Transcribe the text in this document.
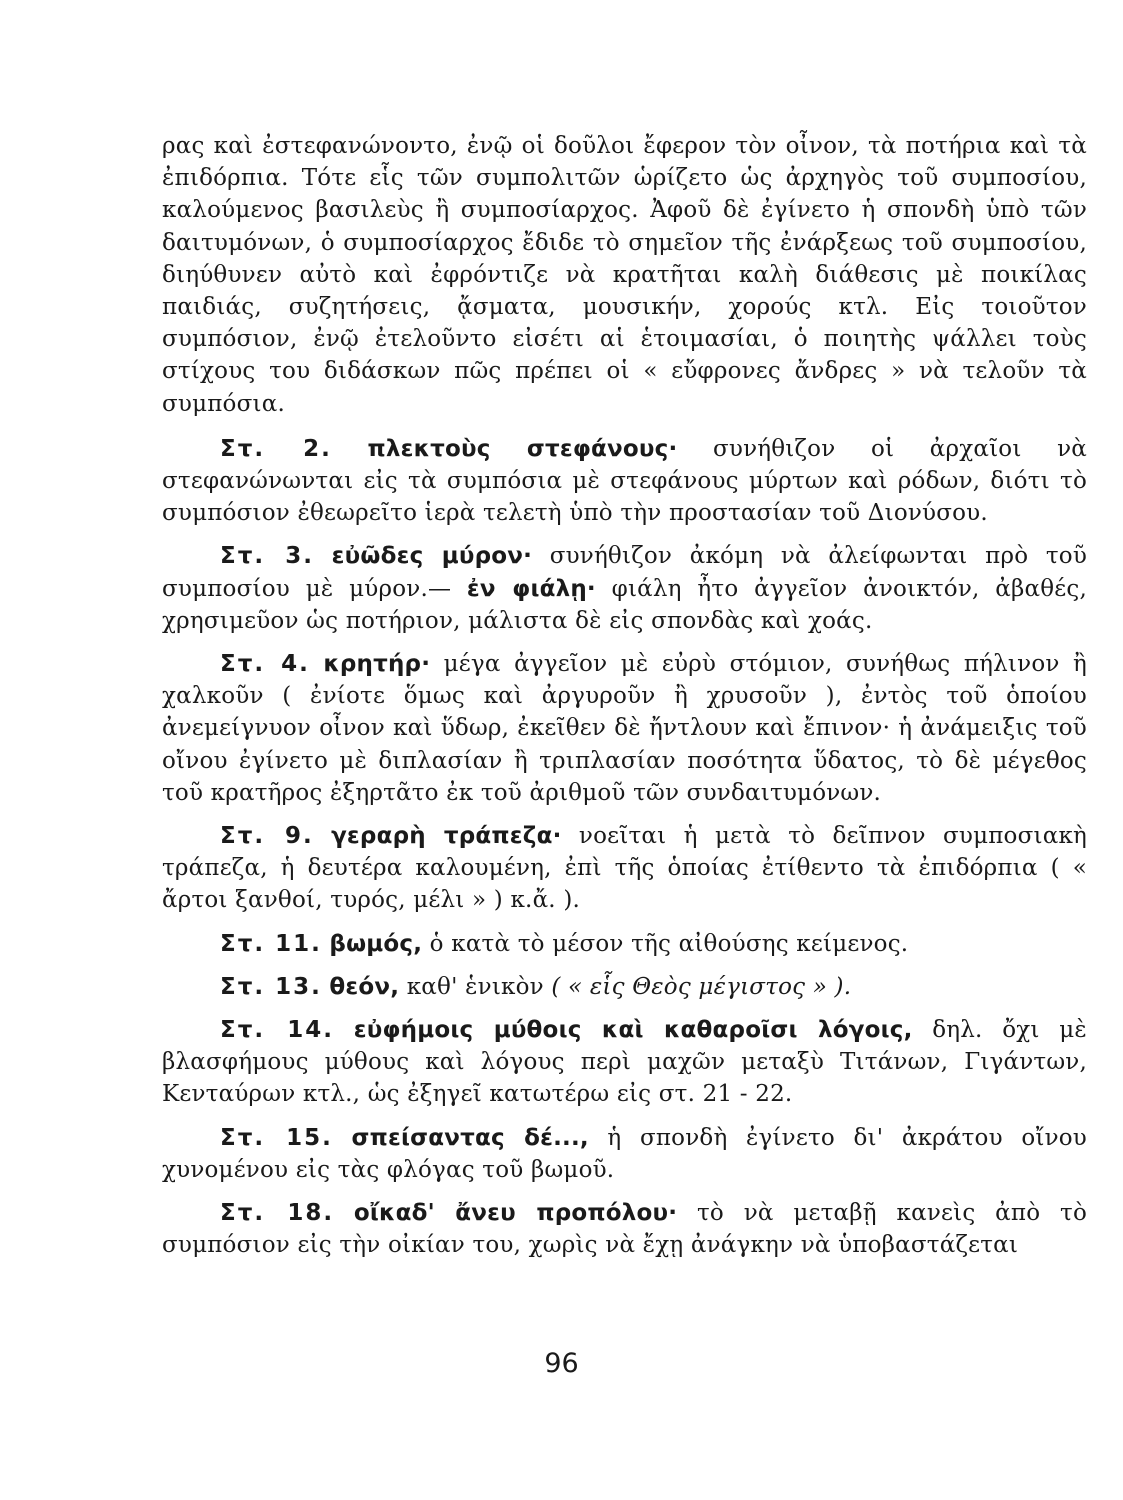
ρας καὶ ἐστεφανώνοντο, ἐνῷ οἱ δοῦλοι ἔφερον τὸν οἶνον, τὰ ποτήρια καὶ τὰ ἐπιδόρπια. Τότε εἷς τῶν συμπολιτῶν ὡρίζετο ὡς ἀρχηγὸς τοῦ συμποσίου, καλούμενος βασιλεὺς ἢ συμποσίαρχος. Ἀφοῦ δὲ ἐγίνετο ἡ σπονδὴ ὑπὸ τῶν δαιτυμόνων, ὁ συμποσίαρχος ἔδιδε τὸ σημεῖον τῆς ἐνάρξεως τοῦ συμποσίου, διηύθυνεν αὐτὸ καὶ ἐφρόντιζε νὰ κρατῆται καλὴ διάθεσις μὲ ποικίλας παιδιάς, συζητήσεις, ᾄσματα, μουσικήν, χορούς κτλ. Εἰς τοιοῦτον συμπόσιον, ἐνῷ ἐτελοῦντο εἰσέτι αἱ ἑτοιμασίαι, ὁ ποιητὴς ψάλλει τοὺς στίχους του διδάσκων πῶς πρέπει οἱ « εὔφρονες ἄνδρες » νὰ τελοῦν τὰ συμπόσια.

Στ. 2. πλεκτοὺς στεφάνους· συνήθιζον οἱ ἀρχαῖοι νὰ στεφανώνωνται εἰς τὰ συμπόσια μὲ στεφάνους μύρτων καὶ ρόδων, διότι τὸ συμπόσιον ἐθεωρεῖτο ἱερὰ τελετὴ ὑπὸ τὴν προστασίαν τοῦ Διονύσου.

Στ. 3. εὐῶδες μύρον· συνήθιζον ἀκόμη νὰ ἀλείφωνται πρὸ τοῦ συμποσίου μὲ μύρον.— ἐν φιάλῃ· φιάλη ἦτο ἀγγεῖον ἀνοικτόν, ἀβαθές, χρησιμεῦον ὡς ποτήριον, μάλιστα δὲ εἰς σπονδὰς καὶ χοάς.

Στ. 4. κρητήρ· μέγα ἀγγεῖον μὲ εὐρὺ στόμιον, συνήθως πήλινον ἢ χαλκοῦν ( ἐνίοτε ὅμως καὶ ἀργυροῦν ἢ χρυσοῦν ), ἐντὸς τοῦ ὁποίου ἀνεμείγνυον οἶνον καὶ ὕδωρ, ἐκεῖθεν δὲ ἤντλουν καὶ ἔπινον· ἡ ἀνάμειξις τοῦ οἴνου ἐγίνετο μὲ διπλασίαν ἢ τριπλασίαν ποσότητα ὕδατος, τὸ δὲ μέγεθος τοῦ κρατῆρος ἐξηρτᾶτο ἐκ τοῦ ἀριθμοῦ τῶν συνδαιτυμόνων.

Στ. 9. γεραρὴ τράπεζα· νοεῖται ἡ μετὰ τὸ δεῖπνον συμποσιακὴ τράπεζα, ἡ δευτέρα καλουμένη, ἐπὶ τῆς ὁποίας ἐτίθεντο τὰ ἐπιδόρπια ( « ἄρτοι ξανθοί, τυρός, μέλι » ) κ.ἄ. ).

Στ. 11. βωμός, ὁ κατὰ τὸ μέσον τῆς αἰθούσης κείμενος.

Στ. 13. θεόν, καθ' ἑνικὸν ( « εἷς Θεὸς μέγιστος » ).

Στ. 14. εὐφήμοις μύθοις καὶ καθαροῖσι λόγοις, δηλ. ὄχι μὲ βλασφήμους μύθους καὶ λόγους περὶ μαχῶν μεταξὺ Τιτάνων, Γιγάντων, Κενταύρων κτλ., ὡς ἐξηγεῖ κατωτέρω εἰς στ. 21 - 22.

Στ. 15. σπείσαντας δέ..., ἡ σπονδὴ ἐγίνετο δι' ἀκράτου οἴνου χυνομένου εἰς τὰς φλόγας τοῦ βωμοῦ.

Στ. 18. οἴκαδ' ἄνευ προπόλου· τὸ νὰ μεταβῇ κανεὶς ἀπὸ τὸ συμπόσιον εἰς τὴν οἰκίαν του, χωρὶς νὰ ἔχῃ ἀνάγκην νὰ ὑποβαστάζεται

96
